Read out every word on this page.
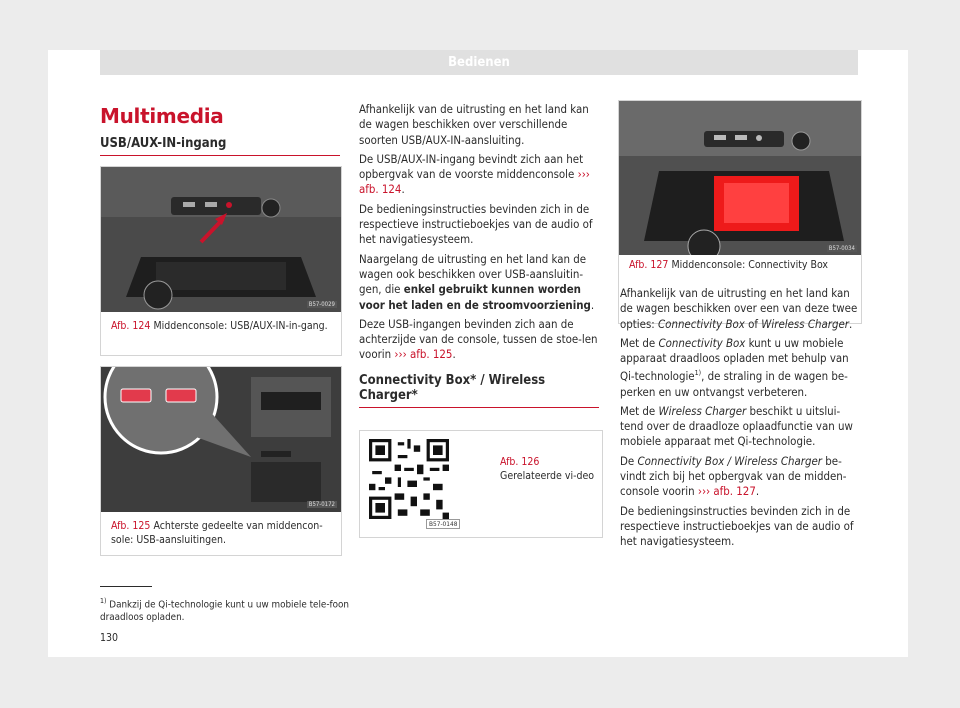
Bedienen
Multimedia
USB/AUX-IN-ingang
B57-0029
Afb. 124 Middenconsole: USB/AUX-IN-in-gang.
B57-0172
Afb. 125 Achterste gedeelte van middencon-sole: USB-aansluitingen.

Afhankelijk van de uitrusting en het land kan de wagen beschikken over verschillende soorten USB/AUX-IN-aansluiting.

De USB/AUX-IN-ingang bevindt zich aan het opbergvak van de voorste middenconsole ››› afb. 124.

De bedieningsinstructies bevinden zich in de respectieve instructieboekjes van de audio of het navigatiesysteem.

Naargelang de uitrusting en het land kan de wagen ook beschikken over USB-aansluitin-gen, die enkel gebruikt kunnen worden voor het laden en de stroomvoorziening.

Deze USB-ingangen bevinden zich aan de achterzijde van de console, tussen de stoe-len voorin ››› afb. 125.

Connectivity Box* / Wireless Charger*
B57-0148
Afb. 126 Gerelateerde vi-deo
B57-0034
Afb. 127 Middenconsole: Connectivity Box

Afhankelijk van de uitrusting en het land kan de wagen beschikken over een van deze twee opties: Connectivity Box of Wireless Charger.

Met de Connectivity Box kunt u uw mobiele apparaat draadloos opladen met behulp van Qi-technologie$^{1)}$, de straling in de wagen be-perken en uw ontvangst verbeteren.

Met de Wireless Charger beschikt u uitslui-tend over de draadloze oplaadfunctie van uw mobiele apparaat met Qi-technologie.

De Connectivity Box / Wireless Charger be-vindt zich bij het opbergvak van de midden-console voorin ››› afb. 127.

De bedieningsinstructies bevinden zich in de respectieve instructieboekjes van de audio of het navigatiesysteem.

$^{1)}$ Dankzij de Qi-technologie kunt u uw mobiele tele-foon draadloos opladen.
130
